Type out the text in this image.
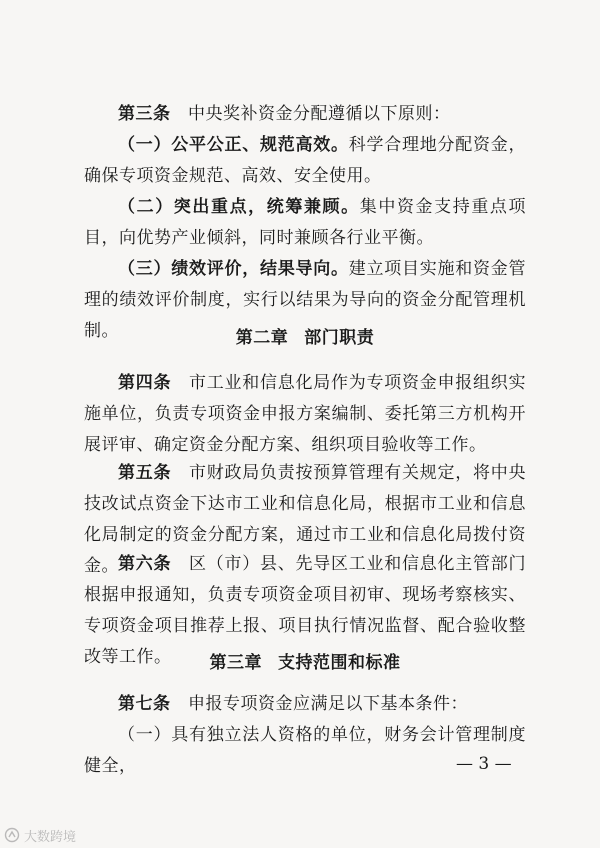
第三条　 中央奖补资金分配遵循以下原则：
（一）公平公正、规范高效。科学合理地分配资金，确保专项资金规范、高效、安全使用。
（二）突出重点，统筹兼顾。集中资金支持重点项目，向优势产业倾斜，同时兼顾各行业平衡。
（三）绩效评价，结果导向。建立项目实施和资金管理的绩效评价制度，实行以结果为导向的资金分配管理机制。	第二章 部门职责
第四条　 市工业和信息化局作为专项资金申报组织实施单位，负责专项资金申报方案编制、委托第三方机构开展评审、确定资金分配方案、组织项目验收等工作。
第五条　 市财政局负责按预算管理有关规定，将中央技改试点资金下达市工业和信息化局，根据市工业和信息化局制定的资金分配方案，通过市工业和信息化局拨付资金。 第六条　 区（市）县、先导区工业和信息化主管部门根据申报通知，负责专项资金项目初审、现场考察核实、专项资金项目推荐上报、项目执行情况监督、配合验收整改等工作。	第三章 支持范围和标准
第七条　 申报专项资金应满足以下基本条件：
（一）具有独立法人资格的单位，财务会计管理制度健全，	— 3 —
大数跨境
